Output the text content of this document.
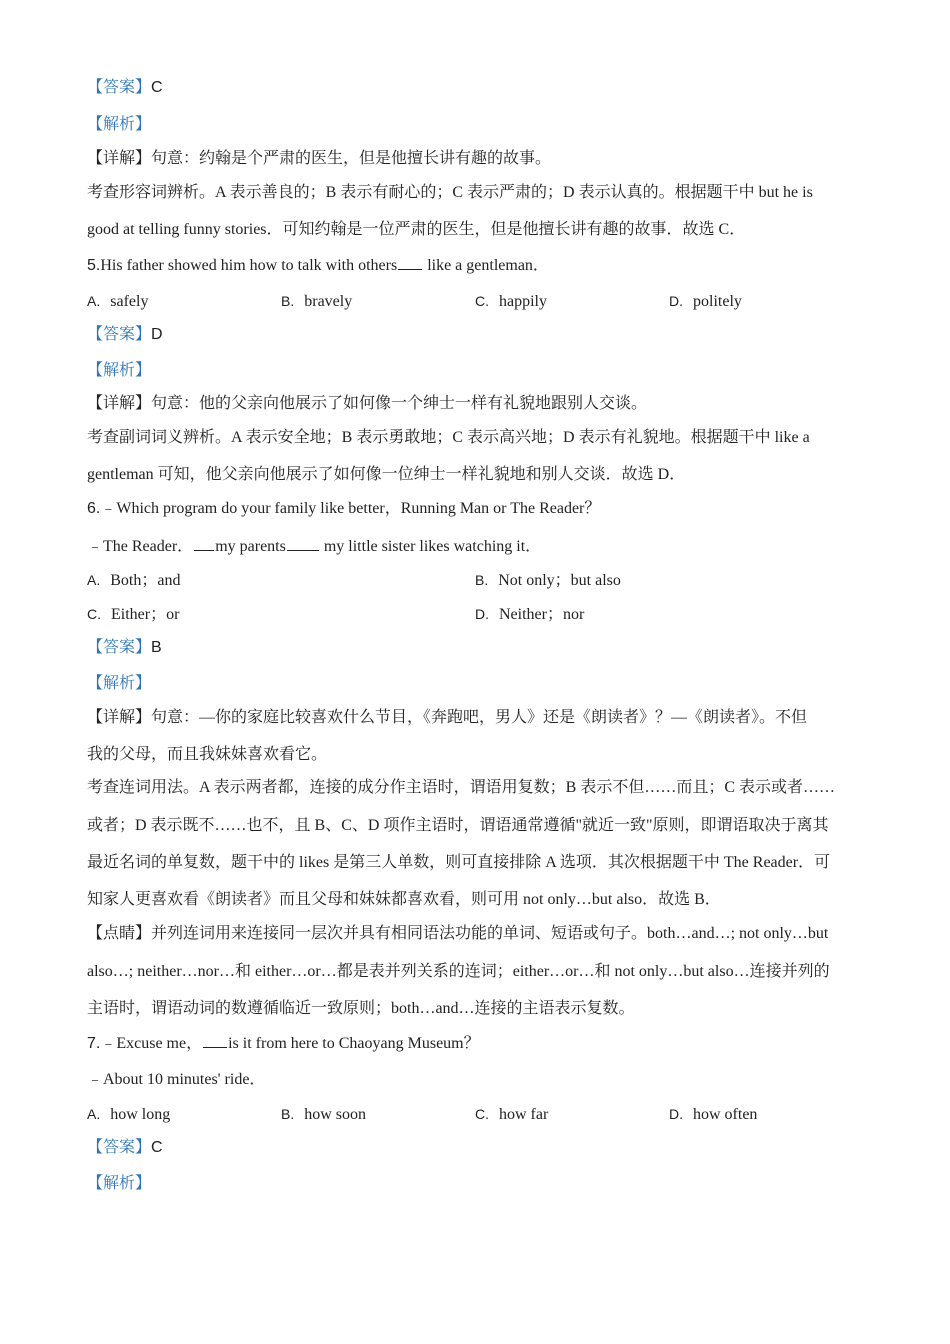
【答案】C
【解析】
【详解】句意：约翰是个严肃的医生，但是他擅长讲有趣的故事。
考查形容词辨析。A 表示善良的；B 表示有耐心的；C 表示严肃的；D 表示认真的。根据题干中 but he is
good at telling funny stories．可知约翰是一位严肃的医生，但是他擅长讲有趣的故事．故选 C．
5.His father showed him how to talk with others like a gentleman．
A. safely	B. bravely	C. happily	D. politely
【答案】D
【解析】
【详解】句意：他的父亲向他展示了如何像一个绅士一样有礼貌地跟别人交谈。
考查副词词义辨析。A 表示安全地；B 表示勇敢地；C 表示高兴地；D 表示有礼貌地。根据题干中 like a
gentleman 可知，他父亲向他展示了如何像一位绅士一样礼貌地和别人交谈．故选 D．
6.﹣Which program do your family like better，Running Man or The Reader？
﹣The Reader． my parents my little sister likes watching it．
A. Both；and	B. Not only；but also
C. Either；or	D. Neither；nor
【答案】B
【解析】
【详解】句意：—你的家庭比较喜欢什么节目，《奔跑吧，男人》还是《朗读者》？—《朗读者》。不但
我的父母，而且我妹妹喜欢看它。
考查连词用法。A 表示两者都，连接的成分作主语时，谓语用复数；B 表示不但……而且；C 表示或者……
或者；D 表示既不……也不，且 B、C、D 项作主语时，谓语通常遵循"就近一致"原则，即谓语取决于离其
最近名词的单复数，题干中的 likes 是第三人单数，则可直接排除 A 选项．其次根据题干中 The Reader．可
知家人更喜欢看《朗读者》而且父母和妹妹都喜欢看，则可用 not only…but also．故选 B．
【点睛】并列连词用来连接同一层次并具有相同语法功能的单词、短语或句子。both…and…; not only…but
also…; neither…nor…和 either…or…都是表并列关系的连词；either…or…和 not only…but also…连接并列的
主语时，谓语动词的数遵循临近一致原则；both…and…连接的主语表示复数。
7.﹣Excuse me， is it from here to Chaoyang Museum？
﹣About 10 minutes' ride．
A. how long	B. how soon	C. how far	D. how often
【答案】C
【解析】
